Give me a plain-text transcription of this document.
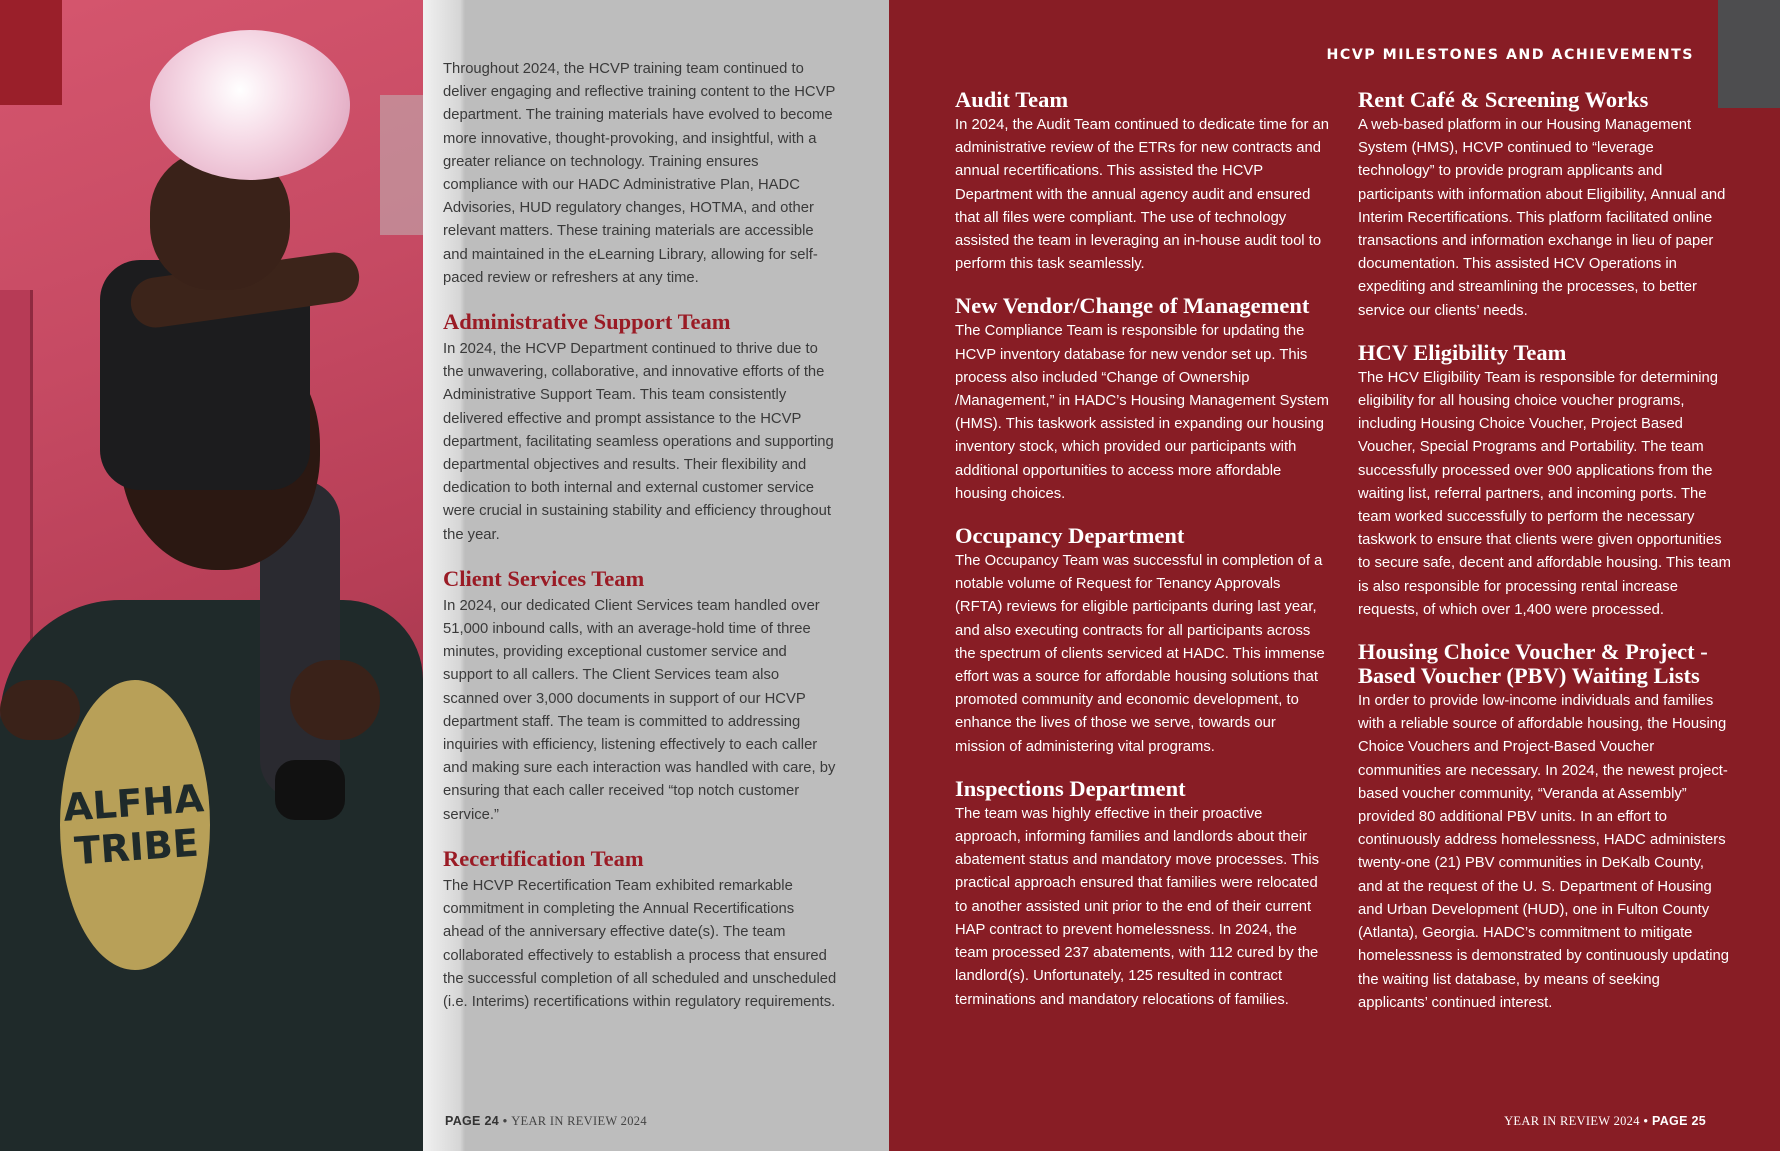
ALFHA TRIBE

Throughout 2024, the HCVP training team continued to deliver engaging and reflective training content to the HCVP department. The training materials have evolved to become more innovative, thought-provoking, and insightful, with a greater reliance on technology. Training ensures compliance with our HADC Administrative Plan, HADC Advisories, HUD regulatory changes, HOTMA, and other relevant matters. These training materials are accessible and maintained in the eLearning Library, allowing for self-paced review or refreshers at any time.

Administrative Support Team

In 2024, the HCVP Department continued to thrive due to the unwavering, collaborative, and innovative efforts of the Administrative Support Team. This team consistently delivered effective and prompt assistance to the HCVP department, facilitating seamless operations and supporting departmental objectives and results. Their flexibility and dedication to both internal and external customer service were crucial in sustaining stability and efficiency throughout the year.

Client Services Team

In 2024, our dedicated Client Services team handled over 51,000 inbound calls, with an average-hold time of three minutes, providing exceptional customer service and support to all callers. The Client Services team also scanned over 3,000 documents in support of our HCVP department staff. The team is committed to addressing inquiries with efficiency, listening effectively to each caller and making sure each interaction was handled with care, by ensuring that each caller received “top notch customer service.”

Recertification Team

The HCVP Recertification Team exhibited remarkable commitment in completing the Annual Recertifications ahead of the anniversary effective date(s). The team collaborated effectively to establish a process that ensured the successful completion of all scheduled and unscheduled (i.e. Interims) recertifications within regulatory requirements.

PAGE 24 • YEAR IN REVIEW 2024
HCVP MILESTONES AND ACHIEVEMENTS
Audit Team

In 2024, the Audit Team continued to dedicate time for an administrative review of the ETRs for new contracts and annual recertifications. This assisted the HCVP Department with the annual agency audit and ensured that all files were compliant. The use of technology assisted the team in leveraging an in-house audit tool to perform this task seamlessly.

New Vendor/Change of Management

The Compliance Team is responsible for updating the HCVP inventory database for new vendor set up. This process also included “Change of Ownership /Management,” in HADC’s Housing Management System (HMS). This taskwork assisted in expanding our housing inventory stock, which provided our participants with additional opportunities to access more affordable housing choices.

Occupancy Department

The Occupancy Team was successful in completion of a notable volume of Request for Tenancy Approvals (RFTA) reviews for eligible participants during last year, and also executing contracts for all participants across the spectrum of clients serviced at HADC. This immense effort was a source for affordable housing solutions that promoted community and economic development, to enhance the lives of those we serve, towards our mission of administering vital programs.

Inspections Department

The team was highly effective in their proactive approach, informing families and landlords about their abatement status and mandatory move processes. This practical approach ensured that families were relocated to another assisted unit prior to the end of their current HAP contract to prevent homelessness. In 2024, the team processed 237 abatements, with 112 cured by the landlord(s). Unfortunately, 125 resulted in contract terminations and mandatory relocations of families.

Rent Café & Screening Works

A web-based platform in our Housing Management System (HMS), HCVP continued to “leverage technology” to provide program applicants and participants with information about Eligibility, Annual and Interim Recertifications. This platform facilitated online transactions and information exchange in lieu of paper documentation. This assisted HCV Operations in expediting and streamlining the processes, to better service our clients’ needs.

HCV Eligibility Team

The HCV Eligibility Team is responsible for determining eligibility for all housing choice voucher programs, including Housing Choice Voucher, Project Based Voucher, Special Programs and Portability. The team successfully processed over 900 applications from the waiting list, referral partners, and incoming ports. The team worked successfully to perform the necessary taskwork to ensure that clients were given opportunities to secure safe, decent and affordable housing. This team is also responsible for processing rental increase requests, of which over 1,400 were processed.

Housing Choice Voucher & Project -Based Voucher (PBV) Waiting Lists

In order to provide low-income individuals and families with a reliable source of affordable housing, the Housing Choice Vouchers and Project-Based Voucher communities are necessary. In 2024, the newest project-based voucher community, “Veranda at Assembly” provided 80 additional PBV units. In an effort to continuously address homelessness, HADC administers twenty-one (21) PBV communities in DeKalb County, and at the request of the U. S. Department of Housing and Urban Development (HUD), one in Fulton County (Atlanta), Georgia. HADC’s commitment to mitigate homelessness is demonstrated by continuously updating the waiting list database, by means of seeking applicants’ continued interest.

YEAR IN REVIEW 2024 • PAGE 25
